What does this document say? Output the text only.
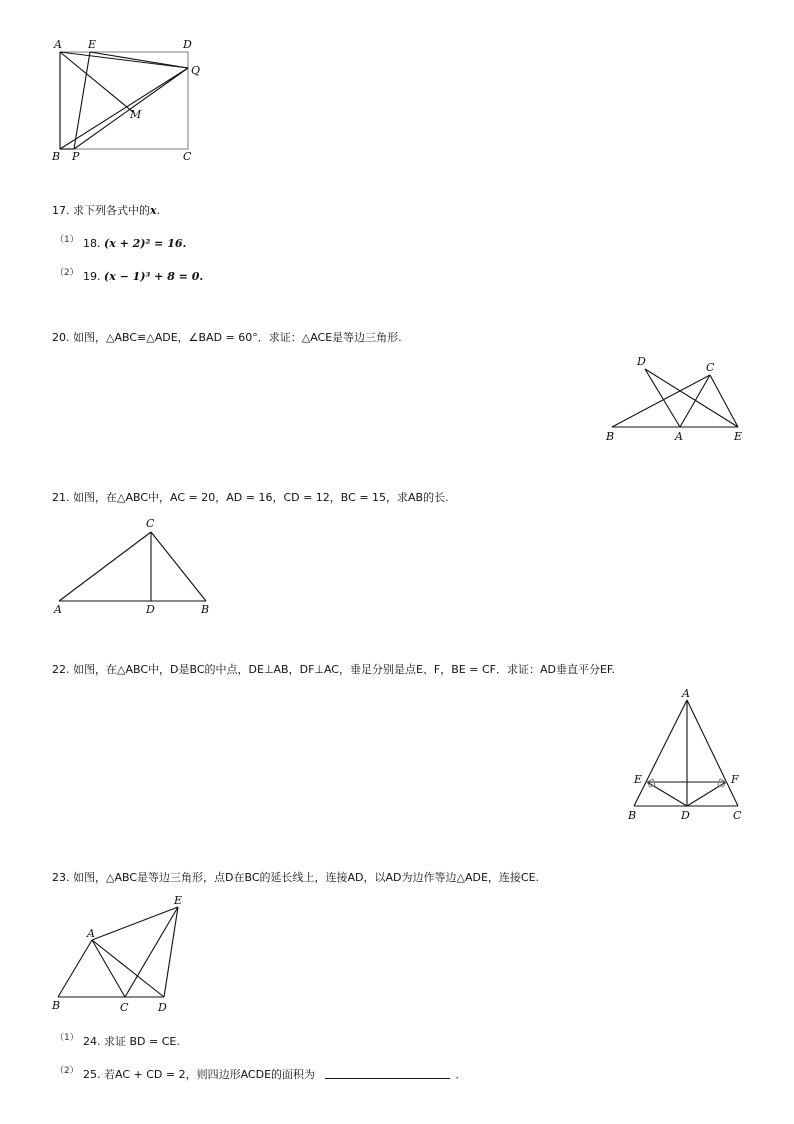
A E	D
Q
M
B P	C
17. 求下列各式中的x.
（1） 18. (x + 2)² = 16.
（2） 19. (x − 1)³ + 8 = 0.
20. 如图，△ABC≌△ADE，∠BAD = 60°．求证：△ACE是等边三角形.
D	C
B	A	E
21. 如图，在△ABC中，AC = 20，AD = 16，CD = 12，BC = 15，求AB的长.
C
A	D	B
22. 如图，在△ABC中，D是BC的中点，DE⊥AB，DF⊥AC，垂足分别是点E、F，BE = CF．求证：AD垂直平分EF.
A
E	F
B	D	C
23. 如图，△ABC是等边三角形，点D在BC的延长线上，连接AD，以AD为边作等边△ADE，连接CE.
E
A
B	C	D
（1） 24. 求证 BD = CE.
（2） 25. 若AC + CD = 2，则四边形ACDE的面积为	．
